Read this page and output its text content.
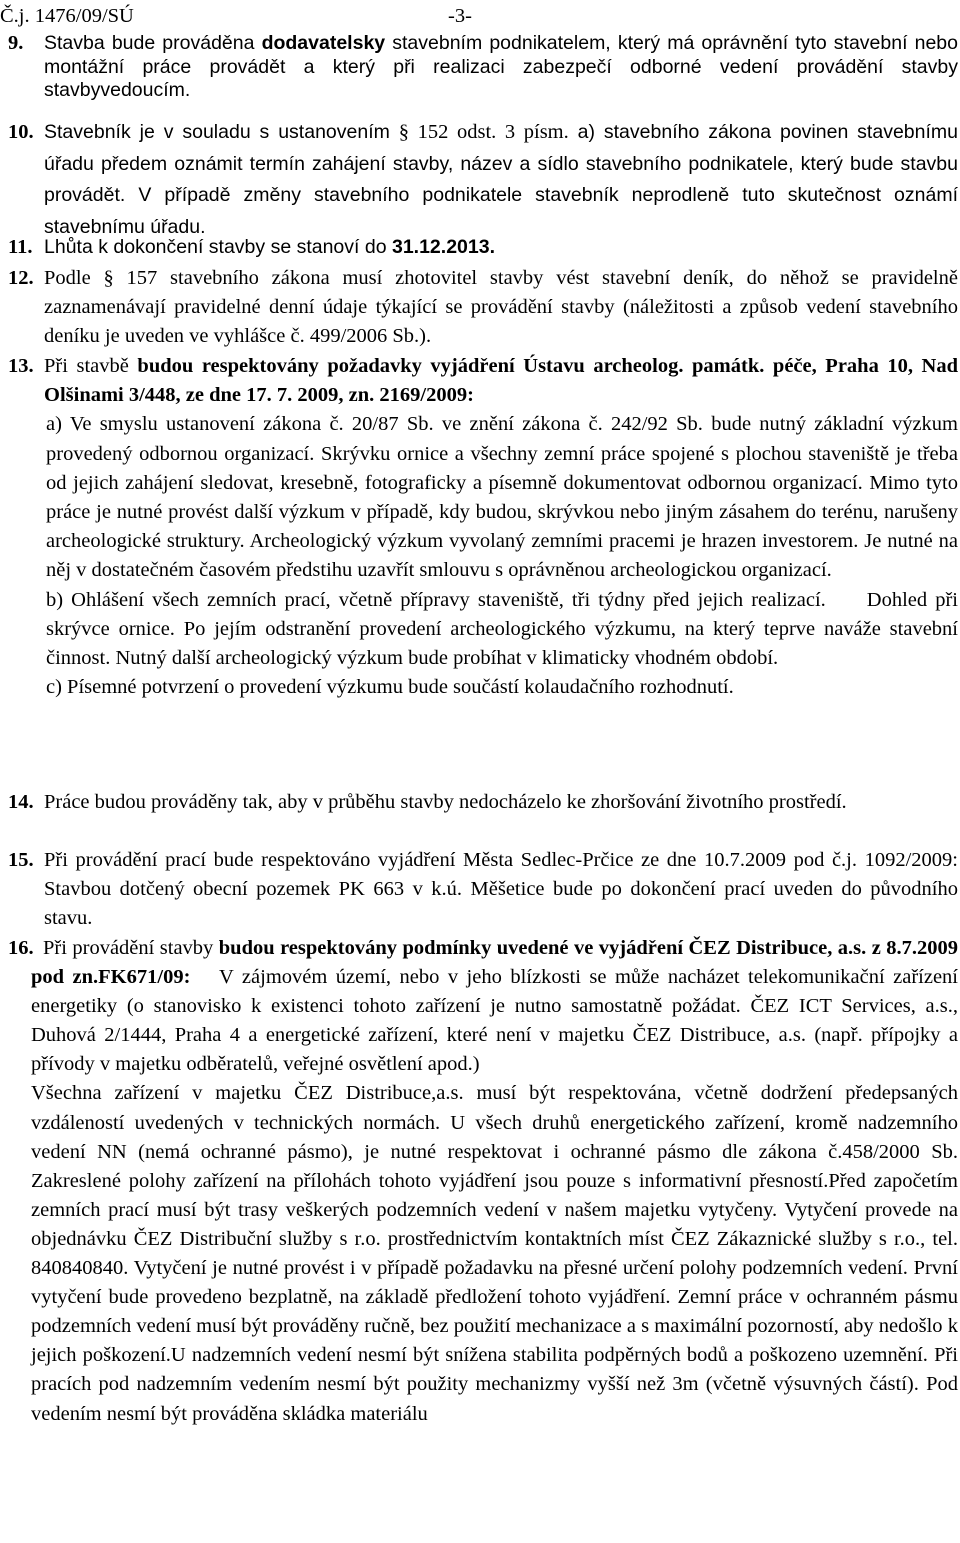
Č.j. 1476/09/SÚ	-3-
9. Stavba bude prováděna dodavatelsky stavebním podnikatelem, který má oprávnění tyto stavební nebo montážní práce provádět a který při realizaci zabezpečí odborné vedení provádění stavby stavbyvedoucím.
10. Stavebník je v souladu s ustanovením § 152 odst. 3 písm. a) stavebního zákona povinen stavebnímu úřadu předem oznámit termín zahájení stavby, název a sídlo stavebního podnikatele, který bude stavbu provádět. V případě změny stavebního podnikatele stavebník neprodleně tuto skutečnost oznámí stavebnímu úřadu.
11. Lhůta k dokončení stavby se stanoví do 31.12.2013.
12. Podle § 157 stavebního zákona musí zhotovitel stavby vést stavební deník, do něhož se pravidelně zaznamenávají pravidelné denní údaje týkající se provádění stavby (náležitosti a způsob vedení stavebního deníku je uveden ve vyhlášce č. 499/2006 Sb.).
13. Při stavbě budou respektovány požadavky vyjádření Ústavu archeolog. památk. péče, Praha 10, Nad Olšinami 3/448, ze dne 17. 7. 2009, zn. 2169/2009:
a) Ve smyslu ustanovení zákona č. 20/87 Sb. ve znění zákona č. 242/92 Sb. bude nutný základní výzkum provedený odbornou organizací. Skrývku ornice a všechny zemní práce spojené s plochou staveniště je třeba od jejich zahájení sledovat, kresebně, fotograficky a písemně dokumentovat odbornou organizací. Mimo tyto práce je nutné provést další výzkum v případě, kdy budou, skrývkou nebo jiným zásahem do terénu, narušeny archeologické struktury. Archeologický výzkum vyvolaný zemními pracemi je hrazen investorem. Je nutné na něj v dostatečném časovém předstihu uzavřít smlouvu s oprávněnou archeologickou organizací.
b) Ohlášení všech zemních prací, včetně přípravy staveniště, tři týdny před jejich realizací.  Dohled při skrývce ornice. Po jejím odstranění provedení archeologického výzkumu, na který teprve naváže stavební činnost. Nutný další archeologický výzkum bude probíhat v klimaticky vhodném období.
c) Písemné potvrzení o provedení výzkumu bude součástí kolaudačního rozhodnutí.
14. Práce budou prováděny tak, aby v průběhu stavby nedocházelo ke zhoršování životního prostředí.
15. Při provádění prací bude respektováno vyjádření Města Sedlec-Prčice ze dne 10.7.2009 pod č.j. 1092/2009: Stavbou dotčený obecní pozemek PK 663 v k.ú. Měšetice bude po dokončení prací uveden do původního stavu.
16. Při provádění stavby budou respektovány podmínky uvedené ve vyjádření ČEZ Distribuce, a.s. z 8.7.2009 pod zn.FK671/09:  V zájmovém území, nebo v jeho blízkosti se může nacházet telekomunikační zařízení energetiky (o stanovisko k existenci tohoto zařízení je nutno samostatně požádat. ČEZ ICT Services, a.s., Duhová 2/1444, Praha 4 a energetické zařízení, které není v majetku ČEZ Distribuce, a.s. (např. přípojky a přívody v majetku odběratelů, veřejné osvětlení apod.)
Všechna zařízení v majetku ČEZ Distribuce,a.s. musí být respektována, včetně dodržení předepsaných vzdáleností uvedených v technických normách. U všech druhů energetického zařízení, kromě nadzemního vedení NN (nemá ochranné pásmo), je nutné respektovat i ochranné pásmo dle zákona č.458/2000 Sb. Zakreslené polohy zařízení na přílohách tohoto vyjádření jsou pouze s informativní přesností.Před započetím zemních prací musí být trasy veškerých podzemních vedení v našem majetku vytyčeny. Vytyčení provede na objednávku ČEZ Distribuční služby s r.o. prostřednictvím kontaktních míst ČEZ Zákaznické služby s r.o., tel. 840840840. Vytyčení je nutné provést i v případě požadavku na přesné určení polohy podzemních vedení. První vytyčení bude provedeno bezplatně, na základě předložení tohoto vyjádření. Zemní práce v ochranném pásmu podzemních vedení musí být prováděny ručně, bez použití mechanizace a s maximální pozorností, aby nedošlo k jejich poškození.U nadzemních vedení nesmí být snížena stabilita podpěrných bodů a poškozeno uzemnění. Při pracích pod nadzemním vedením nesmí být použity mechanizmy vyšší než 3m (včetně výsuvných částí). Pod vedením nesmí být prováděna skládka materiálu
